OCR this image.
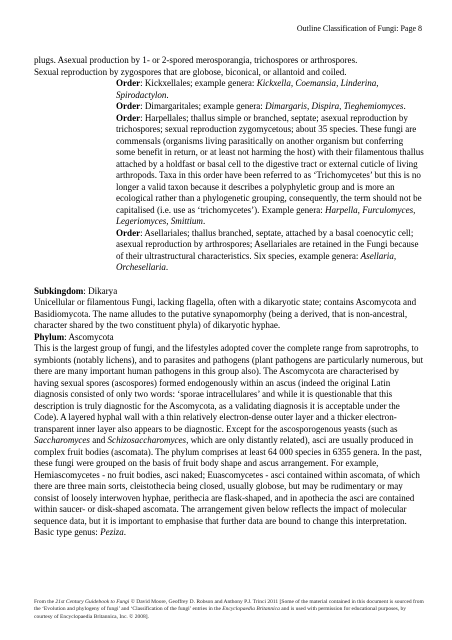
Outline Classification of Fungi: Page 8

plugs. Asexual production by 1- or 2-spored merosporangia, trichospores or arthrospores.

Sexual reproduction by zygospores that are globose, biconical, or allantoid and coiled.

Order: Kickxellales; example genera: Kickxella, Coemansia, Linderina, Spirodactylon.

Order: Dimargaritales; example genera: Dimargaris, Dispira, Tieghemiomyces.

Order: Harpellales; thallus simple or branched, septate; asexual reproduction by trichospores; sexual reproduction zygomycetous; about 35 species. These fungi are commensals (organisms living parasitically on another organism but conferring some benefit in return, or at least not harming the host) with their filamentous thallus attached by a holdfast or basal cell to the digestive tract or external cuticle of living arthropods. Taxa in this order have been referred to as ‘Trichomycetes’ but this is no longer a valid taxon because it describes a polyphyletic group and is more an ecological rather than a phylogenetic grouping, consequently, the term should not be capitalised (i.e. use as ‘trichomycetes’). Example genera: Harpella, Furculomyces, Legeriomyces, Smittium.

Order: Asellariales; thallus branched, septate, attached by a basal coenocytic cell; asexual reproduction by arthrospores; Asellariales are retained in the Fungi because of their ultrastructural characteristics. Six species, example genera: Asellaria, Orchesellaria.

Subkingdom: Dikarya

Unicellular or filamentous Fungi, lacking flagella, often with a dikaryotic state; contains Ascomycota and Basidiomycota. The name alludes to the putative synapomorphy (being a derived, that is non-ancestral, character shared by the two constituent phyla) of dikaryotic hyphae.

Phylum: Ascomycota

This is the largest group of fungi, and the lifestyles adopted cover the complete range from saprotrophs, to symbionts (notably lichens), and to parasites and pathogens (plant pathogens are particularly numerous, but there are many important human pathogens in this group also). The Ascomycota are characterised by having sexual spores (ascospores) formed endogenously within an ascus (indeed the original Latin diagnosis consisted of only two words: ‘sporae intracellulares’ and while it is questionable that this description is truly diagnostic for the Ascomycota, as a validating diagnosis it is acceptable under the Code). A layered hyphal wall with a thin relatively electron-dense outer layer and a thicker electron-transparent inner layer also appears to be diagnostic. Except for the ascosporogenous yeasts (such as Saccharomyces and Schizosaccharomyces, which are only distantly related), asci are usually produced in complex fruit bodies (ascomata). The phylum comprises at least 64 000 species in 6355 genera. In the past, these fungi were grouped on the basis of fruit body shape and ascus arrangement. For example, Hemiascomycetes - no fruit bodies, asci naked; Euascomycetes - asci contained within ascomata, of which there are three main sorts, cleistothecia being closed, usually globose, but may be rudimentary or may consist of loosely interwoven hyphae, perithecia are flask-shaped, and in apothecia the asci are contained within saucer- or disk-shaped ascomata. The arrangement given below reflects the impact of molecular sequence data, but it is important to emphasise that further data are bound to change this interpretation. Basic type genus: Peziza.

From the 21st Century Guidebook to Fungi © David Moore, Geoffrey D. Robson and Anthony P.J. Trinci 2011 [Some of the material contained in this document is sourced from the ‘Evolution and phylogeny of fungi’ and ‘Classification of the fungi’ entries in the Encyclopaedia Britannica and is used with permission for educational purposes, by courtesy of Encyclopaedia Britannica, Inc. © 2008].
